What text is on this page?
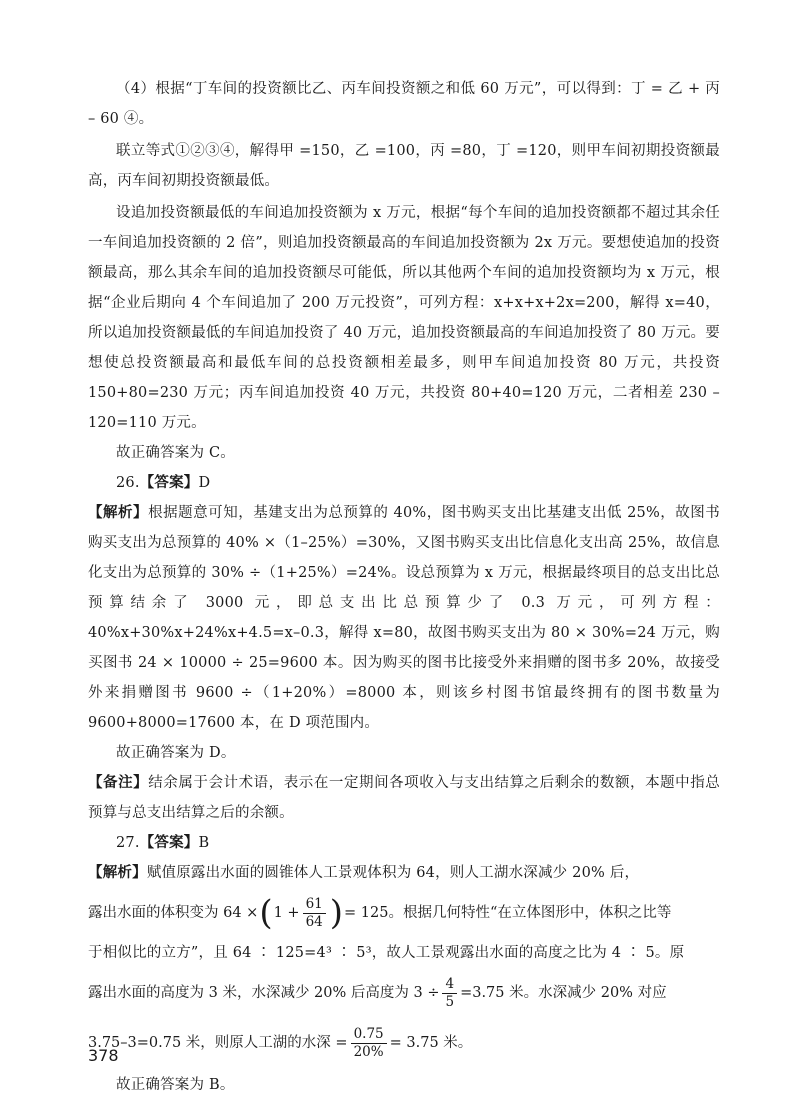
（4）根据“丁车间的投资额比乙、丙车间投资额之和低 60 万元”，可以得到：丁 = 乙 + 丙 – 60 ④。

联立等式①②③④，解得甲 =150，乙 =100，丙 =80，丁 =120，则甲车间初期投资额最高，丙车间初期投资额最低。

设追加投资额最低的车间追加投资额为 x 万元，根据“每个车间的追加投资额都不超过其余任一车间追加投资额的 2 倍”，则追加投资额最高的车间追加投资额为 2x 万元。要想使追加的投资额最高，那么其余车间的追加投资额尽可能低，所以其他两个车间的追加投资额均为 x 万元，根据“企业后期向 4 个车间追加了 200 万元投资”，可列方程：x+x+x+2x=200，解得 x=40，所以追加投资额最低的车间追加投资了 40 万元，追加投资额最高的车间追加投资了 80 万元。要想使总投资额最高和最低车间的总投资额相差最多，则甲车间追加投资 80 万元，共投资 150+80=230 万元；丙车间追加投资 40 万元，共投资 80+40=120 万元，二者相差 230 – 120=110 万元。

故正确答案为 C。

26.【答案】D

【解析】根据题意可知，基建支出为总预算的 40%，图书购买支出比基建支出低 25%，故图书购买支出为总预算的 40% ×（1–25%）=30%，又图书购买支出比信息化支出高 25%，故信息化支出为总预算的 30% ÷（1+25%）=24%。设总预算为 x 万元，根据最终项目的总支出比总预算结余了 3000 元，即总支出比总预算少了 0.3 万元，可列方程：40%x+30%x+24%x+4.5=x–0.3，解得 x=80，故图书购买支出为 80 × 30%=24 万元，购买图书 24 × 10000 ÷ 25=9600 本。因为购买的图书比接受外来捐赠的图书多 20%，故接受外来捐赠图书 9600 ÷（1+20%）=8000 本，则该乡村图书馆最终拥有的图书数量为 9600+8000=17600 本，在 D 项范围内。

故正确答案为 D。

【备注】结余属于会计术语，表示在一定期间各项收入与支出结算之后剩余的数额，本题中指总预算与总支出结算之后的余额。

27.【答案】B

【解析】赋值原露出水面的圆锥体人工景观体积为 64，则人工湖水深减少 20% 后，

露出水面的体积变为 64 × ( $1 + \frac{61}{64}$ ) = 125。根据几何特性“在立体图形中，体积之比等

于相似比的立方”，且 64 ∶ 125=4³ ∶ 5³，故人工景观露出水面的高度之比为 4 ∶ 5。原

露出水面的高度为 3 米，水深减少 20% 后高度为 $3 \div \frac{4}{5} =3.75$ 米。水深减少 20% 对应
3.75–3=0.75 米，则原人工湖的水深 = $\frac{0.75}{20\%} = 3.75$ 米。

故正确答案为 B。

378
